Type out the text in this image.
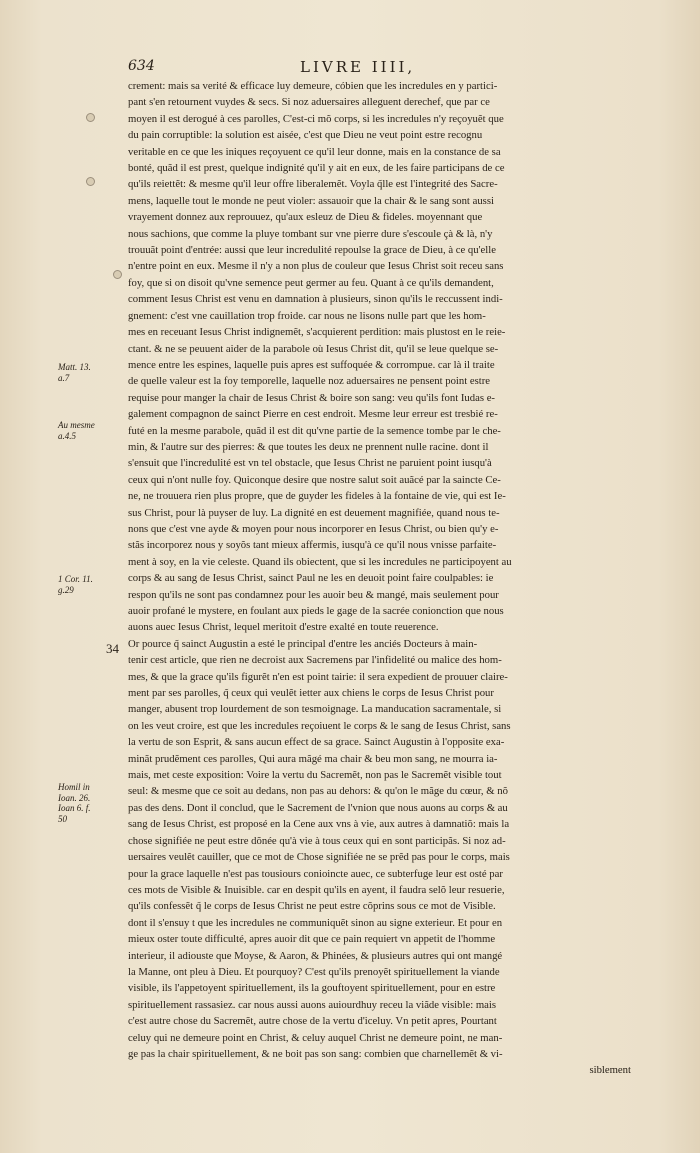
634	LIVRE IIII,
Matt. 13.
a.7
Au mesme
a.4.5
1 Cor. 11.
g.29
Homil in
Ioan. 26.
Ioan 6. f.
50
34
crement: mais sa verité & efficace luy demeure, cóbien que les incredules en y partici-
pant s'en retournent vuydes & secs. Si noz aduersaires alleguent derechef, que par ce
moyen il est derogué à ces parolles, C'est-ci mõ corps, si les incredules n'y reçoyuẽt que
du pain corruptible: la solution est aisée, c'est que Dieu ne veut point estre recognu
veritable en ce que les iniques reçoyuent ce qu'il leur donne, mais en la constance de sa
bonté, quãd il est prest, quelque indignité qu'il y ait en eux, de les faire participans de ce
qu'ils reiettẽt: & mesme qu'il leur offre liberalemẽt. Voyla q̃lle est l'integrité des Sacre-
mens, laquelle tout le monde ne peut violer: assauoir que la chair & le sang sont aussi
vrayement donnez aux reprouuez, qu'aux esleuz de Dieu & fideles. moyennant que
nous sachions, que comme la pluye tombant sur vne pierre dure s'escoule çà & là, n'y
trouuãt point d'entrée: aussi que leur incredulité repoulse la grace de Dieu, à ce qu'elle
n'entre point en eux. Mesme il n'y a non plus de couleur que Iesus Christ soit receu sans
foy, que si on disoit qu'vne semence peut germer au feu. Quant à ce qu'ils demandent,
comment Iesus Christ est venu en damnation à plusieurs, sinon qu'ils le reccussent indi-
gnement: c'est vne cauillation trop froide. car nous ne lisons nulle part que les hom-
mes en receuant Iesus Christ indignemẽt, s'acquierent perdition: mais plustost en le reie-
ctant. & ne se peuuent aider de la parabole où Iesus Christ dit, qu'il se leue quelque se-
mence entre les espines, laquelle puis apres est suffoquée & corrompue. car là il traite
de quelle valeur est la foy temporelle, laquelle noz aduersaires ne pensent point estre
requise pour manger la chair de Iesus Christ & boire son sang: veu qu'ils font Iudas e-
galement compagnon de sainct Pierre en cest endroit. Mesme leur erreur est tresbié re-
futé en la mesme parabole, quãd il est dit qu'vne partie de la semence tombe par le che-
min, & l'autre sur des pierres: & que toutes les deux ne prennent nulle racine. dont il
s'ensuit que l'incredulité est vn tel obstacle, que Iesus Christ ne paruient point iusqu'à
ceux qui n'ont nulle foy. Quiconque desire que nostre salut soit auãcé par la saincte Ce-
ne, ne trouuera rien plus propre, que de guyder les fideles à la fontaine de vie, qui est Ie-
sus Christ, pour là puyser de luy. La dignité en est deuement magnifiée, quand nous te-
nons que c'est vne ayde & moyen pour nous incorporer en Iesus Christ, ou bien qu'y e-
stãs incorporez nous y soyõs tant mieux affermis, iusqu'à ce qu'il nous vnisse parfaite-
ment à soy, en la vie celeste. Quand ils obiectent, que si les incredules ne participoyent au
corps & au sang de Iesus Christ, sainct Paul ne les en deuoit point faire coulpables: ie
respon qu'ils ne sont pas condamnez pour les auoir beu & mangé, mais seulement pour
auoir profané le mystere, en foulant aux pieds le gage de la sacrée conionction que nous
auons auec Iesus Christ, lequel meritoit d'estre exalté en toute reuerence.
Or pource q̃ sainct Augustin a esté le principal d'entre les anciés Docteurs à main-
tenir cest article, que rien ne decroist aux Sacremens par l'infidelité ou malice des hom-
mes, & que la grace qu'ils figurẽt n'en est point tairie: il sera expedient de prouuer claire-
ment par ses parolles, q̃ ceux qui veulẽt ietter aux chiens le corps de Iesus Christ pour
manger, abusent trop lourdement de son tesmoignage. La manducation sacramentale, si
on les veut croire, est que les incredules reçoiuent le corps & le sang de Iesus Christ, sans
la vertu de son Esprit, & sans aucun effect de sa grace. Sainct Augustin à l'opposite exa-
minãt prudẽment ces parolles, Qui aura mãgé ma chair & beu mon sang, ne mourra ia-
mais, met ceste exposition: Voire la vertu du Sacremẽt, non pas le Sacremẽt visible tout
seul: & mesme que ce soit au dedans, non pas au dehors: & qu'on le mãge du cœur, & nõ
pas des dens. Dont il conclud, que le Sacrement de l'vnion que nous auons au corps & au
sang de Iesus Christ, est proposé en la Cene aux vns à vie, aux autres à damnatiõ: mais la
chose signifiée ne peut estre dõnée qu'à vie à tous ceux qui en sont participãs. Si noz ad-
uersaires veulẽt cauiller, que ce mot de Chose signifiée ne se prẽd pas pour le corps, mais
pour la grace laquelle n'est pas tousiours conioincte auec, ce subterfuge leur est osté par
ces mots de Visible & Inuisible. car en despit qu'ils en ayent, il faudra selõ leur resuerie,
qu'ils confessẽt q̃ le corps de Iesus Christ ne peut estre cõprins sous ce mot de Visible.
dont il s'ensuy t que les incredules ne communiquẽt sinon au signe exterieur. Et pour en
mieux oster toute difficulté, apres auoir dit que ce pain requiert vn appetit de l'homme
interieur, il adiouste que Moyse, & Aaron, & Phinées, & plusieurs autres qui ont mangé
la Manne, ont pleu à Dieu. Et pourquoy? C'est qu'ils prenoyẽt spirituellement la viande
visible, ils l'appetoyent spirituellement, ils la gouftoyent spirituellement, pour en estre
spirituellement rassasiez. car nous aussi auons auiourdhuy receu la viãde visible: mais
c'est autre chose du Sacremẽt, autre chose de la vertu d'iceluy. Vn petit apres, Pourtant
celuy qui ne demeure point en Christ, & celuy auquel Christ ne demeure point, ne man-
ge pas la chair spirituellement, & ne boit pas son sang: combien que charnellemẽt & vi-
siblement
